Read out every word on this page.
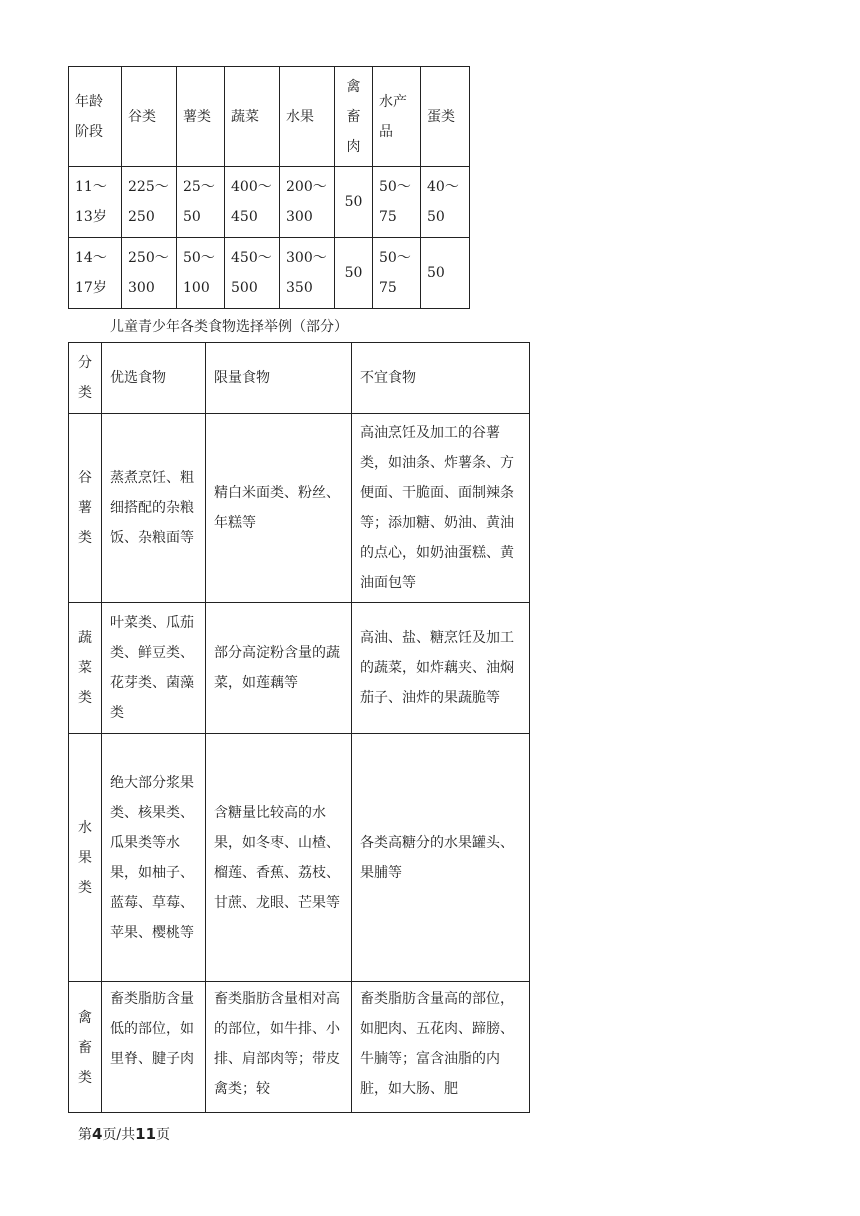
年龄阶段	谷类	薯类	蔬菜	水果	禽畜肉	水产品	蛋类
11～13岁	225～250	25～50	400～450	200～300	50	50～75	40～50
14～17岁	250～300	50～100	450～500	300～350	50	50～75	50
儿童青少年各类食物选择举例（部分）
分类	优选食物	限量食物	不宜食物
谷薯类	蒸煮烹饪、粗细搭配的杂粮饭、杂粮面等	精白米面类、粉丝、年糕等	高油烹饪及加工的谷薯类，如油条、炸薯条、方便面、干脆面、面制辣条等；添加糖、奶油、黄油的点心，如奶油蛋糕、黄油面包等
蔬菜类	叶菜类、瓜茄类、鲜豆类、花芽类、菌藻类	部分高淀粉含量的蔬菜，如莲藕等	高油、盐、糖烹饪及加工的蔬菜，如炸藕夹、油焖茄子、油炸的果蔬脆等
水果类	绝大部分浆果类、核果类、瓜果类等水果，如柚子、蓝莓、草莓、苹果、樱桃等	含糖量比较高的水果，如冬枣、山楂、榴莲、香蕉、荔枝、甘蔗、龙眼、芒果等	各类高糖分的水果罐头、果脯等
禽畜类	畜类脂肪含量低的部位，如里脊、腱子肉	畜类脂肪含量相对高的部位，如牛排、小排、肩部肉等；带皮禽类；较	畜类脂肪含量高的部位，如肥肉、五花肉、蹄膀、牛腩等；富含油脂的内脏，如大肠、肥
第4页/共11页
